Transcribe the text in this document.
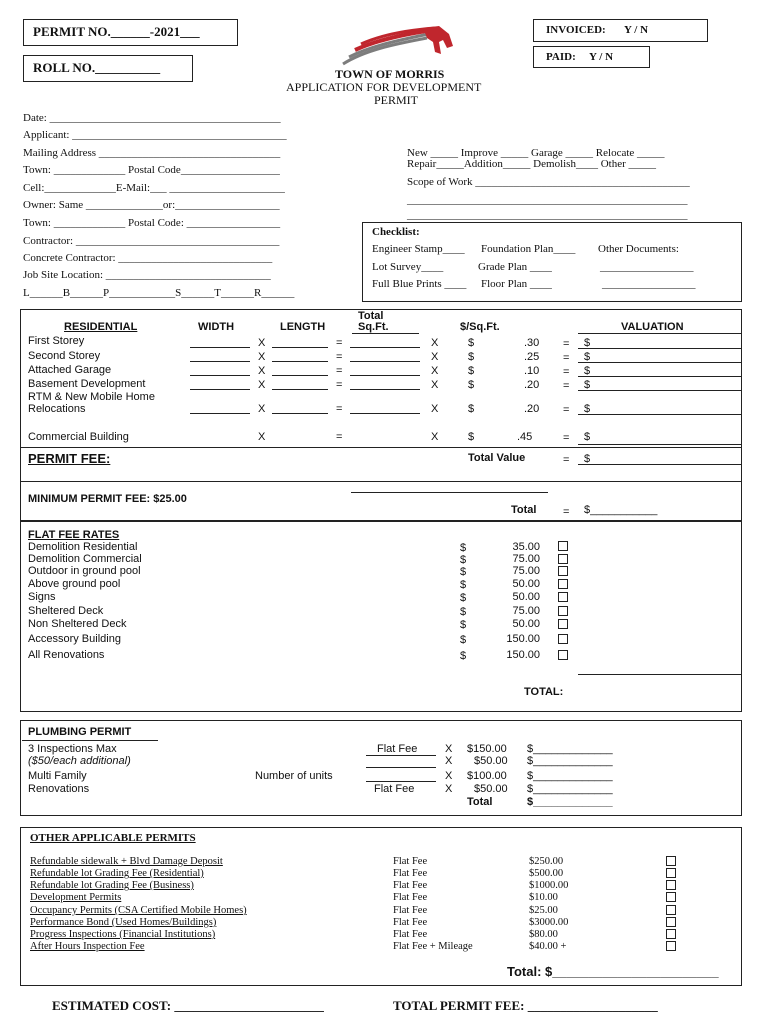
PERMIT NO.______-2021___
ROLL NO.__________
INVOICED: Y / N
PAID: Y / N
TOWN OF MORRIS
APPLICATION FOR DEVELOPMENT
PERMIT
Date: __________________________________________
Applicant: _______________________________________
Mailing Address _________________________________
Town: _____________ Postal Code__________________
Cell:_____________E-Mail:___ _____________________
Owner: Same ______________or:___________________
Town: _____________ Postal Code: _________________
Contractor: _____________________________________
Concrete Contractor: ____________________________
Job Site Location: ______________________________
L______B______P____________S______T______R______
New _____ Improve _____ Garage _____ Relocate _____
Repair_____Addition_____ Demolish____ Other _____
Scope of Work _______________________________________
___________________________________________________
___________________________________________________
Checklist:
Engineer Stamp____ Foundation Plan____ Other Documents:
Lot Survey____	Grade Plan ____	_________________
Full Blue Prints ____ Floor Plan ____	_________________
RESIDENTIAL	WIDTH	LENGTH
Total
Sq.Ft.	$/Sq.Ft.	VALUATION
First Storey	X	=	X	$	.30 = $
Second Storey	X	=	X	$	.25 = $
Attached Garage	X	=	X	$	.10 = $
Basement Development	X	=	X	$	.20 = $
RTM & New Mobile Home
Relocations	X	=	X	$	.20 = $
Commercial Building	X	=	X	$	.45	= $
PERMIT FEE:	Total Value	= $
MINIMUM PERMIT FEE: $25.00
Total = $___________
FLAT FEE RATES
Demolition Residential	$	35.00
Demolition Commercial	$	75.00
Outdoor in ground pool	$	75.00
Above ground pool	$	50.00
Signs	$	50.00
Sheltered Deck	$	75.00
Non Sheltered Deck	$	50.00
Accessory Building	$	150.00
All Renovations	$	150.00
TOTAL:
PLUMBING PERMIT
3 Inspections Max	Flat Fee	X $150.00 $_____________
($50/each additional)	X $50.00 $_____________
Multi Family	Number of units	X $100.00 $_____________
Renovations	Flat Fee	X $50.00 $_____________
Total	$_____________
OTHER APPLICABLE PERMITS
Refundable sidewalk + Blvd Damage Deposit	Flat Fee	$250.00
Refundable lot Grading Fee (Residential)	Flat Fee	$500.00
Refundable lot Grading Fee (Business)	Flat Fee	$1000.00
Development Permits	Flat Fee	$10.00
Occupancy Permits (CSA Certified Mobile Homes)	Flat Fee	$25.00
Performance Bond (Used Homes/Buildings)	Flat Fee	$3000.00
Progress Inspections (Financial Institutions)	Flat Fee	$80.00
After Hours Inspection Fee	Flat Fee + Mileage	$40.00 +
Total: $_______________________
ESTIMATED COST: _______________________	TOTAL PERMIT FEE: ____________________
